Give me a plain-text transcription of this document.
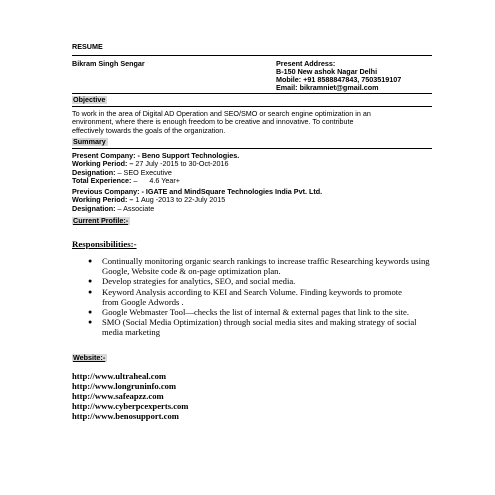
RESUME
Bikram Singh Sengar	Present Address:
B-150 New ashok Nagar Delhi
Mobile: +91 8588847843, 7503519107
Email: bikramniet@gmail.com
Objective
To work in the area of Digital AD Operation and SEO/SMO or search engine optimization in an
environment, where there is enough freedom to be creative and innovative. To contribute
effectively towards the goals of the organization.
Summary
Present Company: - Beno Support Technologies.
Working Period: – 27 July -2015 to 30-Oct-2016
Designation: – SEO Executive
Total Experience: –      4.6 Year+
Previous Company: - IGATE and MindSquare Technologies India Pvt. Ltd.
Working Period: – 1 Aug -2013 to 22-July 2015
Designation: – Associate
Current Profile:-
Responsibilities:-
● Continually monitoring organic search rankings to increase traffic Researching keywords using Google, Website code & on-page optimization plan.
● Develop strategies for analytics, SEO, and social media.
● Keyword Analysis according to KEI and Search Volume. Finding keywords to promote      from Google Adwords .
● Google Webmaster Tool—checks the list of internal & external pages that link to the site.
● SMO (Social Media Optimization) through social media sites and making strategy of social media marketing
Website:-
http://www.ultraheal.com
http://www.longruninfo.com
http://www.safeapzz.com
http://www.cyberpcexperts.com
http://www.benosupport.com
